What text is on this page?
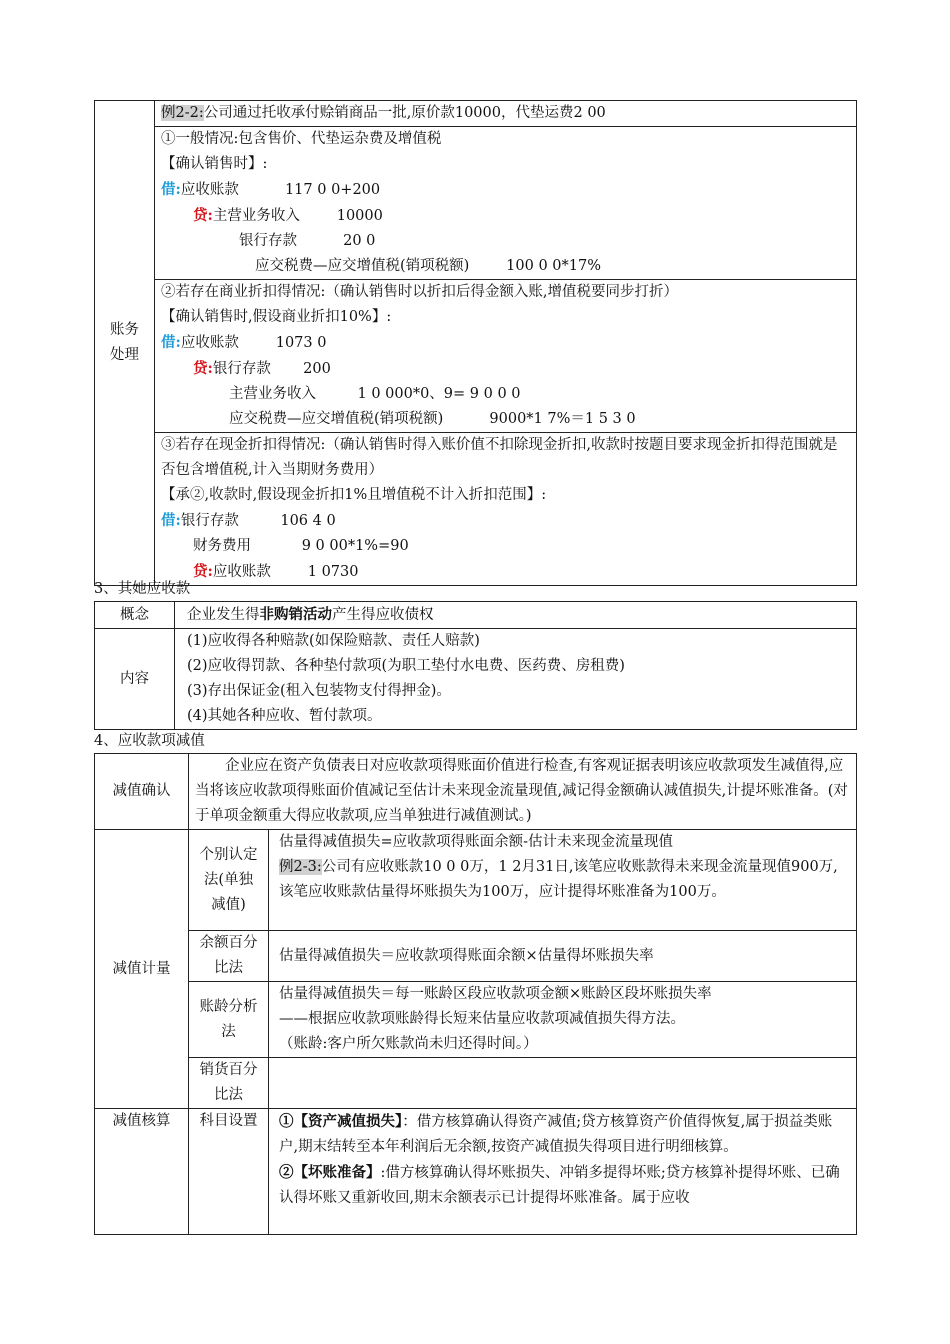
账务
处理	例2-2:公司通过托收承付赊销商品一批,原价款10000，代垫运费2 00

①一般情况:包含售价、代垫运杂费及增值税
【确认销售时】:
借:应收账款          117 0 0+200
贷:主营业务收入        10000
银行存款          20 0
应交税费—应交增值税(销项税额)        100 0 0*17%

②若存在商业折扣得情况:（确认销售时以折扣后得金额入账,增值税要同步打折）
【确认销售时,假设商业折扣10%】:
借:应收账款        1073 0
贷:银行存款       200
主营业务收入         1 0 000*0、9= 9 0 0 0
应交税费—应交增值税(销项税额)          9000*1 7%＝1 5 3 0

③若存在现金折扣得情况:（确认销售时得入账价值不扣除现金折扣,收款时按题目要求现金折扣得范围就是否包含增值税,计入当期财务费用）
【承②,收款时,假设现金折扣1%且增值税不计入折扣范围】:
借:银行存款         106 4 0
财务费用           9 0 00*1%=90
贷:应收账款        1 0730
3、其她应收款
概念	企业发生得非购销活动产生得应收债权
内容	(1)应收得各种赔款(如保险赔款、责任人赔款)
(2)应收得罚款、各种垫付款项(为职工垫付水电费、医药费、房租费)
(3)存出保证金(租入包装物支付得押金)。
(4)其她各种应收、暂付款项。
4、应收款项减值
减值确认	企业应在资产负债表日对应收款项得账面价值进行检查,有客观证据表明该应收款项发生减值得,应当将该应收款项得账面价值减记至估计未来现金流量现值,减记得金额确认减值损失,计提坏账准备。(对于单项金额重大得应收款项,应当单独进行减值测试。)	
减值计量	个别认定法(单独减值)	估量得减值损失=应收款项得账面余额-估计未来现金流量现值
例2-3:公司有应收账款10 0 0万，1 2月31日,该笔应收账款得未来现金流量现值900万,该笔应收账款估量得坏账损失为100万，应计提得坏账准备为100万。

	余额百分比法	估量得减值损失＝应收款项得账面余额×估量得坏账损失率

	账龄分析法	估量得减值损失＝每一账龄区段应收款项金额×账龄区段坏账损失率
——根据应收款项账龄得长短来估量应收款项减值损失得方法。
（账龄:客户所欠账款尚未归还得时间。）

	销货百分比法	
减值核算	科目设置	①【资产减值损失】：借方核算确认得资产减值;贷方核算资产价值得恢复,属于损益类账户,期末结转至本年利润后无余额,按资产减值损失得项目进行明细核算。
②【坏账准备】:借方核算确认得坏账损失、冲销多提得坏账;贷方核算补提得坏账、已确认得坏账又重新收回,期末余额表示已计提得坏账准备。属于应收
